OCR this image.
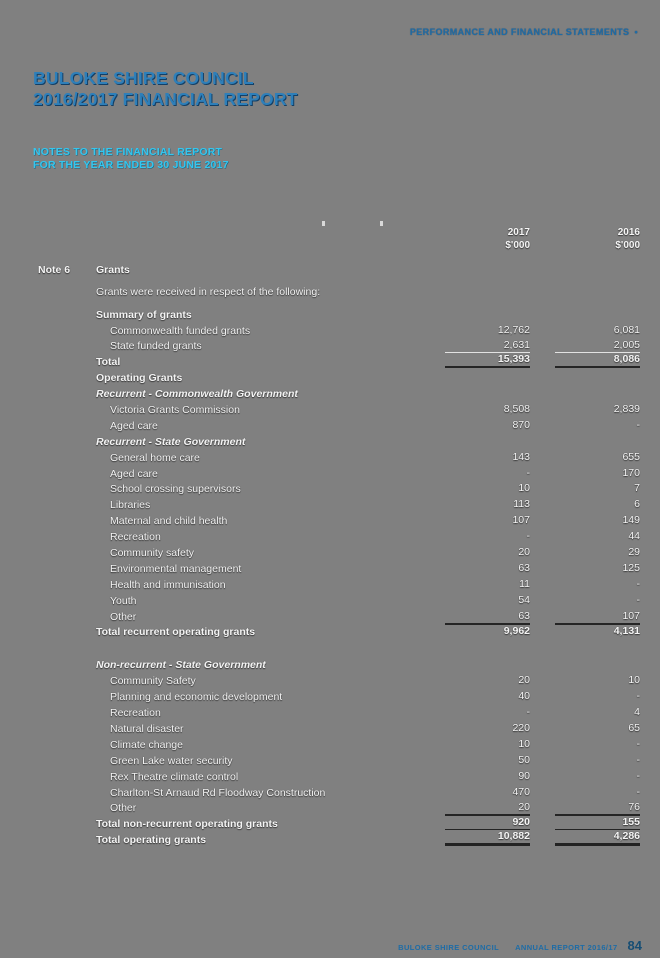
PERFORMANCE AND FINANCIAL STATEMENTS •
BULOKE SHIRE COUNCIL
2016/2017 FINANCIAL REPORT
NOTES TO THE FINANCIAL REPORT
FOR THE YEAR ENDED 30 JUNE 2017
2017
$'000
2016
$'000
Note 6	Grants
Grants were received in respect of the following:
Summary of grants
Commonwealth funded grants	12,762	6,081
State funded grants	2,631	2,005
Total	15,393	8,086
Operating Grants
Recurrent - Commonwealth Government
Victoria Grants Commission	8,508	2,839
Aged care	870	-
Recurrent - State Government
General home care	143	655
Aged care	-	170
School crossing supervisors	10	7
Libraries	113	6
Maternal and child health	107	149
Recreation	-	44
Community safety	20	29
Environmental management	63	125
Health and immunisation	11	-
Youth	54	-
Other	63	107
Total recurrent operating grants	9,962	4,131
Non-recurrent - State Government
Community Safety	20	10
Planning and economic development	40	-
Recreation	-	4
Natural disaster	220	65
Climate change	10	-
Green Lake water security	50	-
Rex Theatre climate control	90	-
Charlton-St Arnaud Rd Floodway Construction	470	-
Other	20	76
Total non-recurrent operating grants	920	155
Total operating grants	10,882	4,286
BULOKE SHIRE COUNCIL ANNUAL REPORT 2016/17 84
